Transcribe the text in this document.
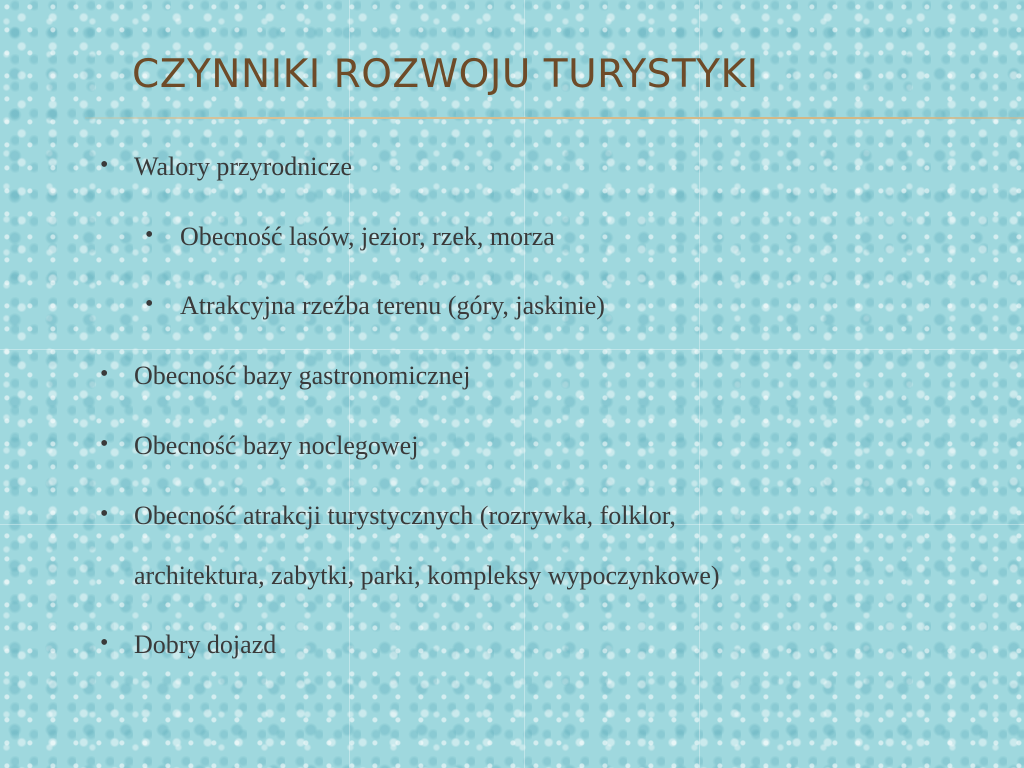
CZYNNIKI ROZWOJU TURYSTYKI
• Walory przyrodnicze
• Obecność lasów, jezior, rzek, morza
• Atrakcyjna rzeźba terenu (góry, jaskinie)
• Obecność bazy gastronomicznej
• Obecność bazy noclegowej
• Obecność atrakcji turystycznych (rozrywka, folklor,
architektura, zabytki, parki, kompleksy wypoczynkowe)
• Dobry dojazd
